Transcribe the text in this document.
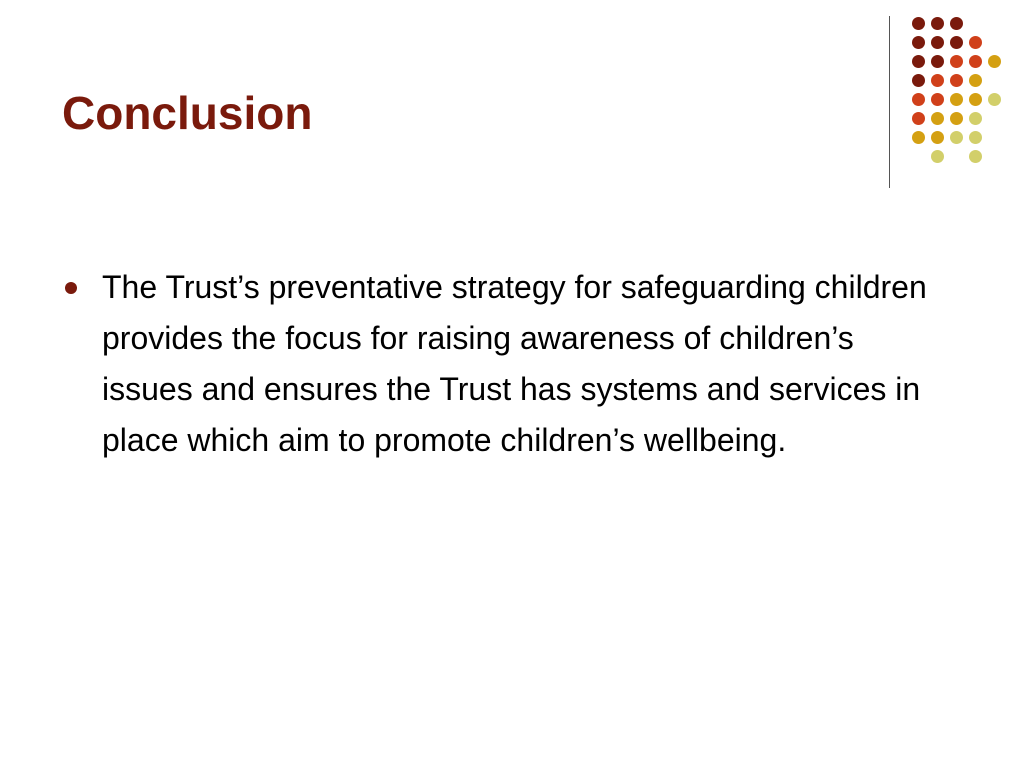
Conclusion
The Trust’s preventative strategy for safeguarding children provides the focus for raising awareness of children’s issues and ensures the Trust has systems and services in place which aim to promote children’s wellbeing.
